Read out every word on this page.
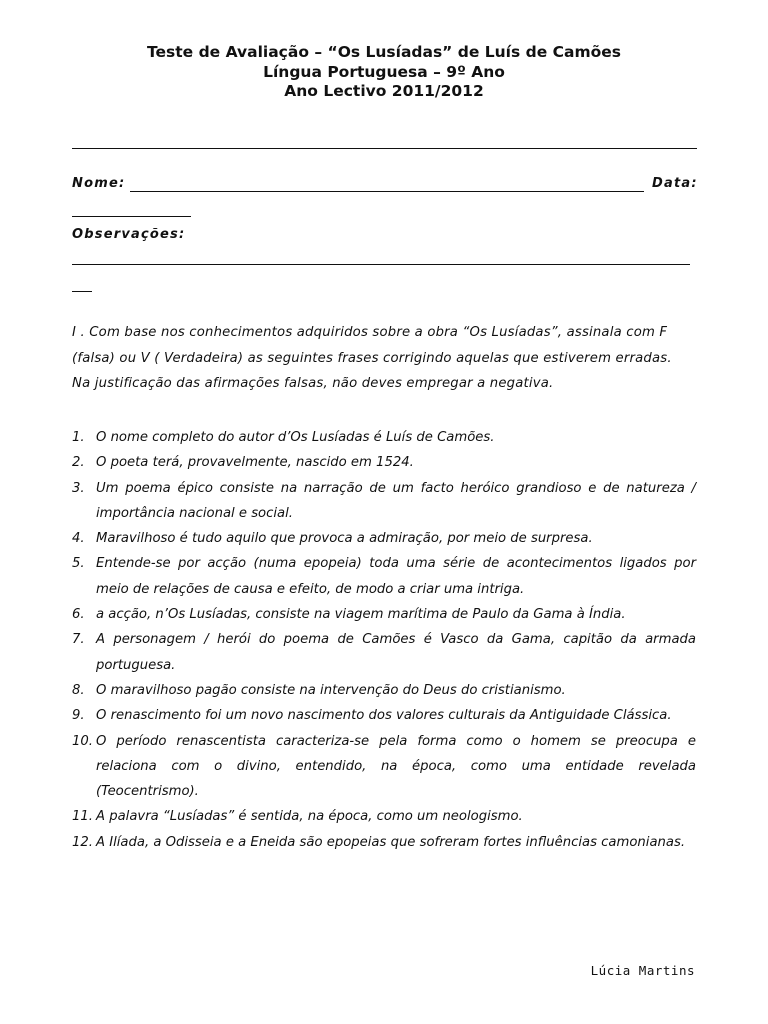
Teste de Avaliação – “Os Lusíadas” de Luís de Camões
Língua Portuguesa – 9º Ano
Ano Lectivo 2011/2012
Nome:	Data:
Observações:
I . Com base nos conhecimentos adquiridos sobre a obra “Os Lusíadas”, assinala com F
(falsa) ou V ( Verdadeira) as seguintes frases corrigindo aquelas que estiverem erradas.
Na justificação das afirmações falsas, não deves empregar a negativa.
1. O nome completo do autor d’Os Lusíadas é Luís de Camões.
2. O poeta terá, provavelmente, nascido em 1524.
3. Um poema épico consiste na narração de um facto heróico grandioso e de natureza / importância nacional e social.
4. Maravilhoso é tudo aquilo que provoca a admiração, por meio de surpresa.
5. Entende-se por acção (numa epopeia) toda uma série de acontecimentos ligados por meio de relações de causa e efeito, de modo a criar uma intriga.
6. a acção, n’Os Lusíadas, consiste na viagem marítima de Paulo da Gama à Índia.
7. A personagem / herói do poema de Camões é Vasco da Gama, capitão da armada portuguesa.
8. O maravilhoso pagão consiste na intervenção do Deus do cristianismo.
9. O renascimento foi um novo nascimento dos valores culturais da Antiguidade Clássica.
10. O período renascentista caracteriza-se pela forma como o homem se preocupa e relaciona com o divino, entendido, na época, como uma entidade revelada (Teocentrismo).
11. A palavra “Lusíadas” é sentida, na época, como um neologismo.
12. A Ilíada, a Odisseia e a Eneida são epopeias que sofreram fortes influências camonianas.
Lúcia Martins
